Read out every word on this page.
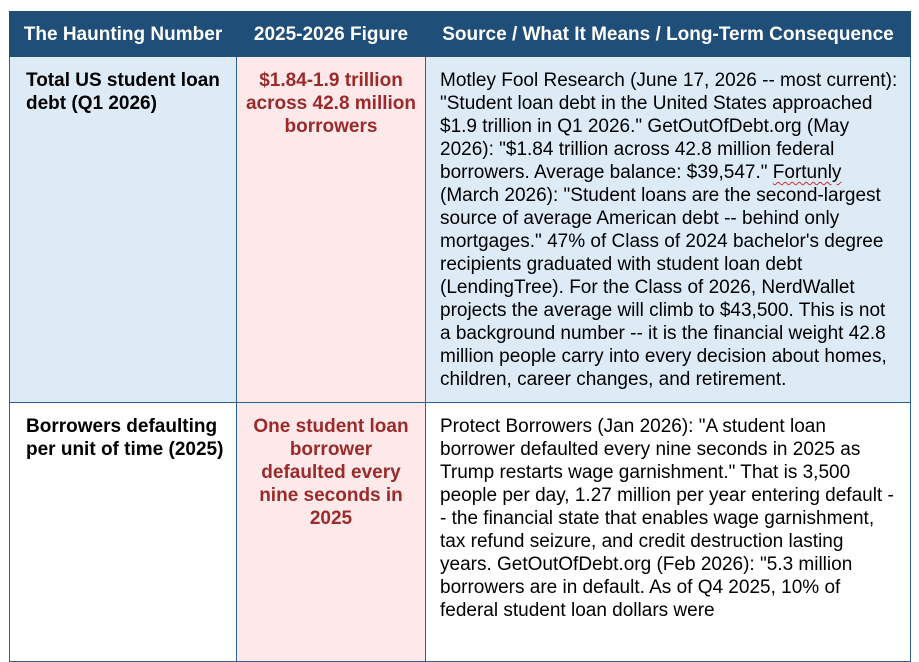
The Haunting Number	2025-2026 Figure	Source / What It Means / Long-Term Consequence
Total US student loan debt (Q1 2026)	$1.84-1.9 trillion across 42.8 million borrowers	Motley Fool Research (June 17, 2026 -- most current): "Student loan debt in the United States approached $1.9 trillion in Q1 2026." GetOutOfDebt.org (May 2026): "$1.84 trillion across 42.8 million federal borrowers. Average balance: $39,547." Fortunly (March 2026): "Student loans are the second-largest source of average American debt -- behind only mortgages." 47% of Class of 2024 bachelor's degree recipients graduated with student loan debt (LendingTree). For the Class of 2026, NerdWallet projects the average will climb to $43,500. This is not a background number -- it is the financial weight 42.8 million people carry into every decision about homes, children, career changes, and retirement.
Borrowers defaulting per unit of time (2025)	One student loan borrower defaulted every nine seconds in 2025	Protect Borrowers (Jan 2026): "A student loan borrower defaulted every nine seconds in 2025 as Trump restarts wage garnishment." That is 3,500 people per day, 1.27 million per year entering default -- the financial state that enables wage garnishment, tax refund seizure, and credit destruction lasting years. GetOutOfDebt.org (Feb 2026): "5.3 million borrowers are in default. As of Q4 2025, 10% of federal student loan dollars were
